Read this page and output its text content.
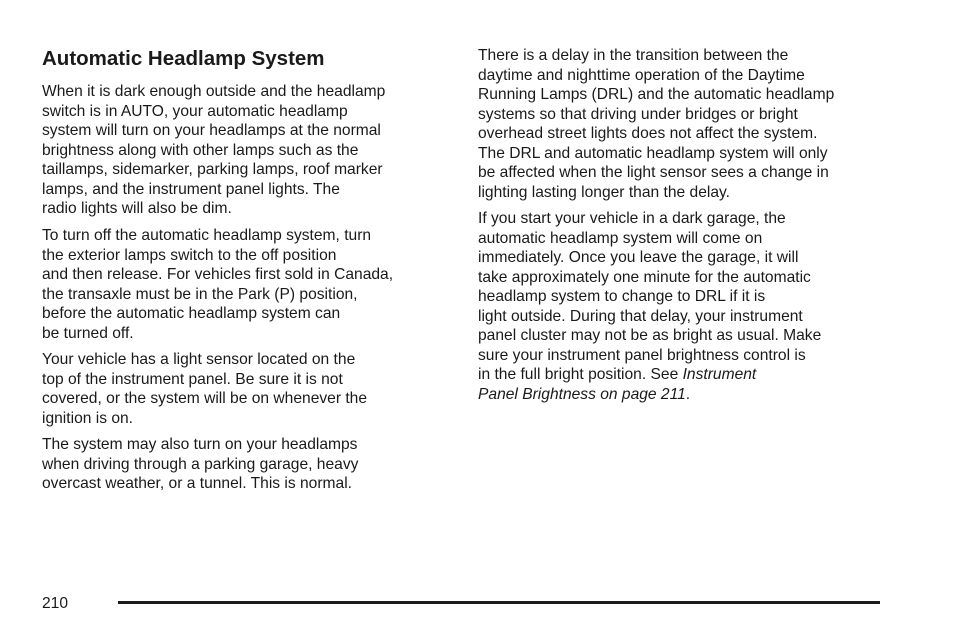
Automatic Headlamp System

When it is dark enough outside and the headlamp
switch is in AUTO, your automatic headlamp
system will turn on your headlamps at the normal
brightness along with other lamps such as the
taillamps, sidemarker, parking lamps, roof marker
lamps, and the instrument panel lights. The
radio lights will also be dim.

To turn off the automatic headlamp system, turn
the exterior lamps switch to the off position
and then release. For vehicles first sold in Canada,
the transaxle must be in the Park (P) position,
before the automatic headlamp system can
be turned off.

Your vehicle has a light sensor located on the
top of the instrument panel. Be sure it is not
covered, or the system will be on whenever the
ignition is on.

The system may also turn on your headlamps
when driving through a parking garage, heavy
overcast weather, or a tunnel. This is normal.

There is a delay in the transition between the
daytime and nighttime operation of the Daytime
Running Lamps (DRL) and the automatic headlamp
systems so that driving under bridges or bright
overhead street lights does not affect the system.
The DRL and automatic headlamp system will only
be affected when the light sensor sees a change in
lighting lasting longer than the delay.

If you start your vehicle in a dark garage, the
automatic headlamp system will come on
immediately. Once you leave the garage, it will
take approximately one minute for the automatic
headlamp system to change to DRL if it is
light outside. During that delay, your instrument
panel cluster may not be as bright as usual. Make
sure your instrument panel brightness control is
in the full bright position. See Instrument
Panel Brightness on page 211.

210
